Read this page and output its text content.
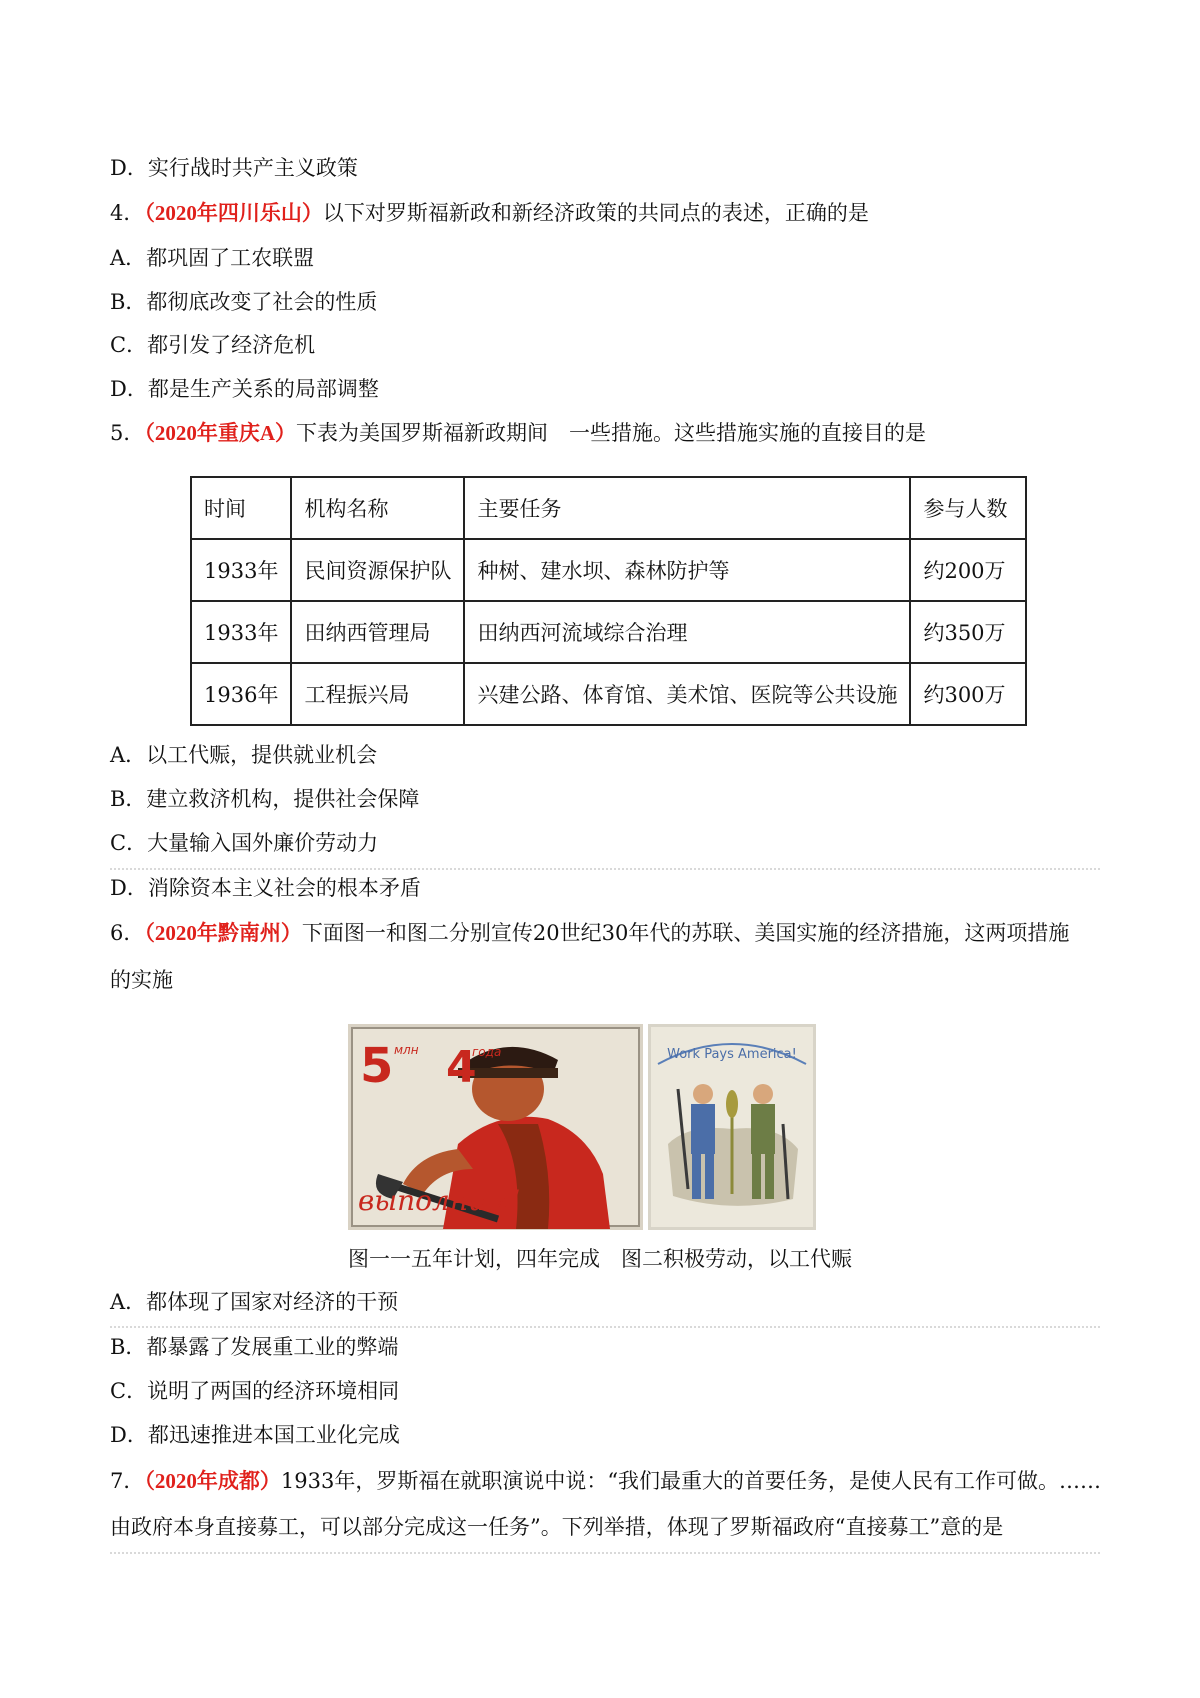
D．实行战时共产主义政策
4．（2020年四川乐山）以下对罗斯福新政和新经济政策的共同点的表述，正确的是
A．都巩固了工农联盟
B．都彻底改变了社会的性质
C．都引发了经济危机
D．都是生产关系的局部调整
5．（2020年重庆A）下表为美国罗斯福新政期间　一些措施。这些措施实施的直接目的是
时间	机构名称	主要任务	参与人数
1933年	民间资源保护队	种树、建水坝、森林防护等	约200万
1933年	田纳西管理局	田纳西河流域综合治理	约350万
1936年	工程振兴局	兴建公路、体育馆、美术馆、医院等公共设施	约300万
A．以工代赈，提供就业机会
B．建立救济机构，提供社会保障
C．大量输入国外廉价劳动力
D．消除资本主义社会的根本矛盾
6．（2020年黔南州）下面图一和图二分别宣传20世纪30年代的苏联、美国实施的经济措施，这两项措施
的实施
5 млн 4
года
выполним!
Work Pays America!
图一一五年计划，四年完成　图二积极劳动，以工代赈
A．都体现了国家对经济的干预
B．都暴露了发展重工业的弊端
C．说明了两国的经济环境相同
D．都迅速推进本国工业化完成
7．（2020年成都）1933年，罗斯福在就职演说中说：“我们最重大的首要任务，是使人民有工作可做。……
由政府本身直接募工，可以部分完成这一任务”。下列举措，体现了罗斯福政府“直接募工”意的是
